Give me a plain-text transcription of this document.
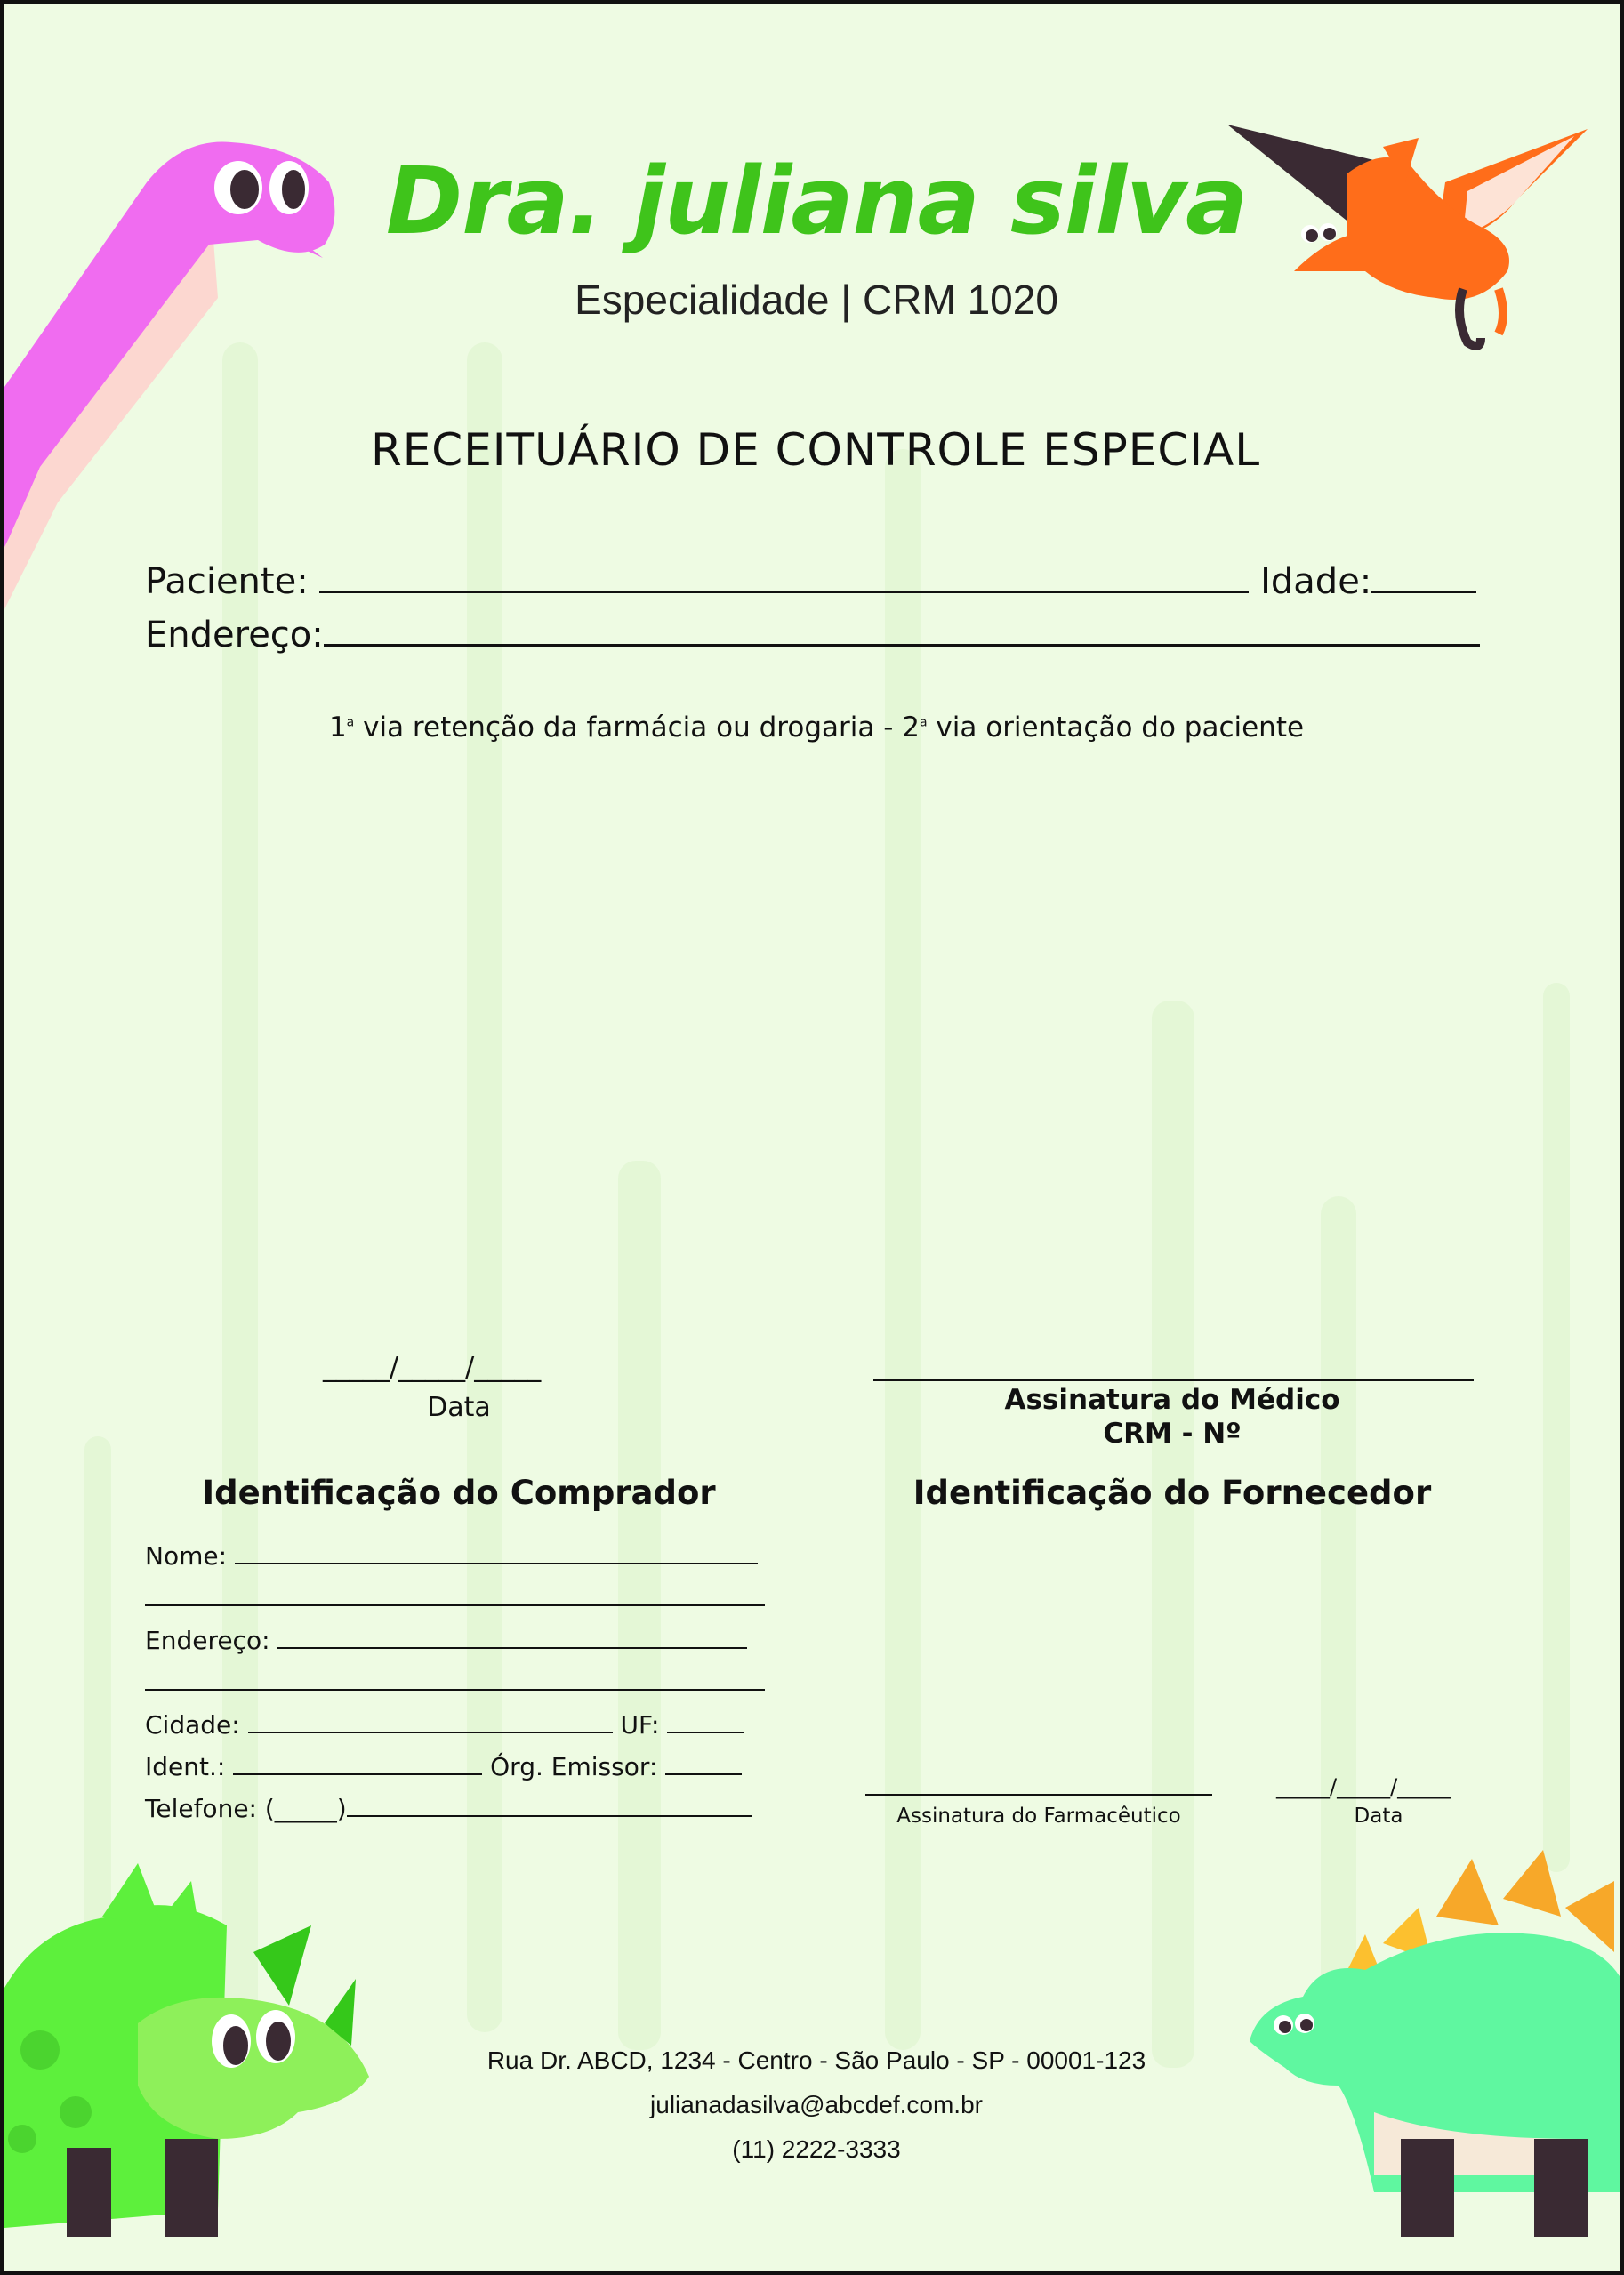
Dra. juliana silva
Especialidade | CRM 1020
RECEITUÁRIO DE CONTROLE ESPECIAL
Paciente:	Idade:
Endereço:
1$^a$ via retenção da farmácia ou drogaria - 2$^a$ via orientação do paciente
_____/_____/_____
Data	Assinatura do Médico
CRM - Nº
Identificação do Comprador	Identificação do Fornecedor
Nome:
Endereço:
Cidade:	UF:
Ident.:	Órg. Emissor:
Telefone: (_____)	Assinatura do Farmacêutico
_____/_____/_____
Data
Rua Dr. ABCD, 1234 - Centro - São Paulo - SP - 00001-123
julianadasilva@abcdef.com.br
(11) 2222-3333
